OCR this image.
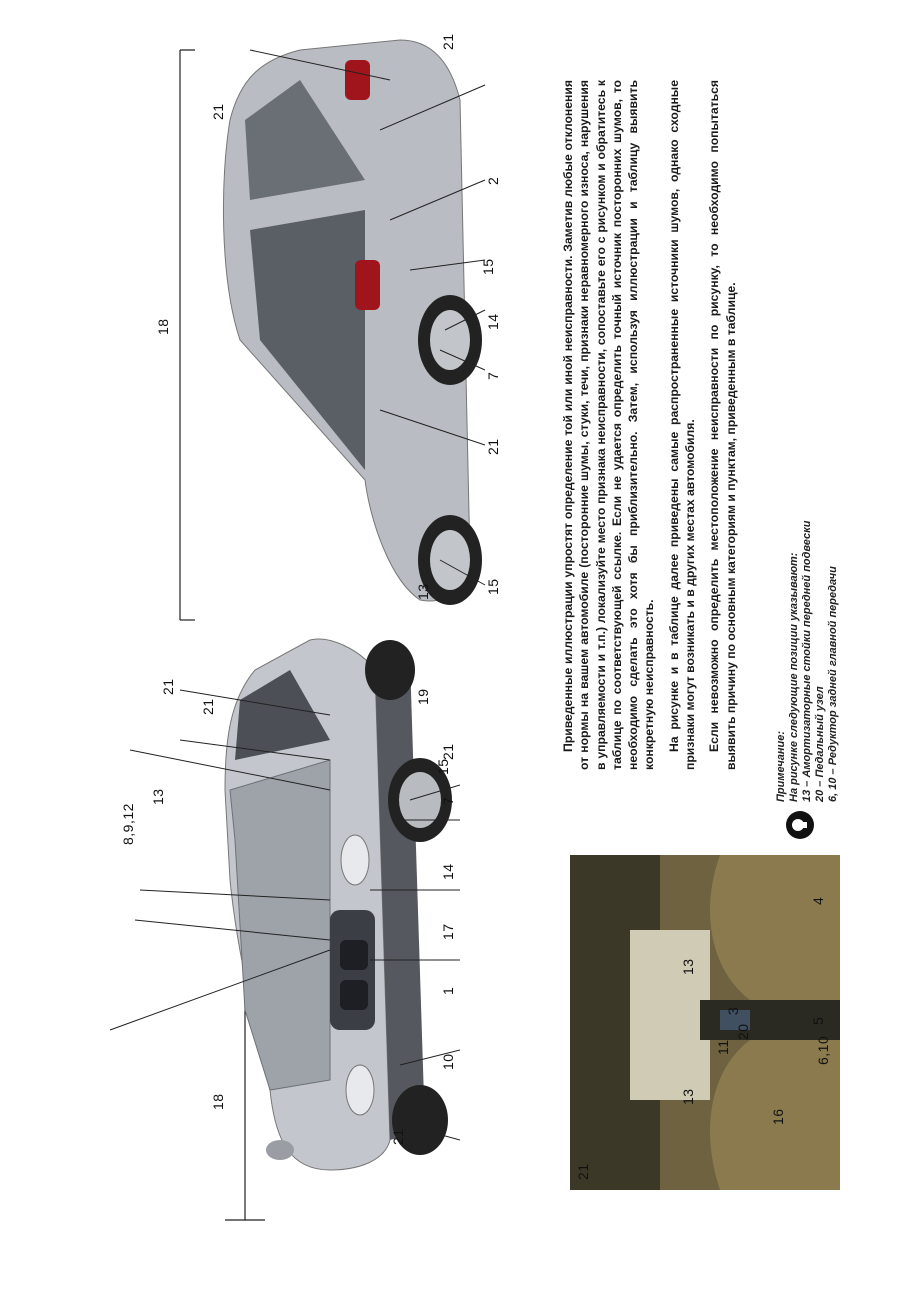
18
21
8,9,12
13
21
19
21
15
7
17
1
10
14
21
21
21
2
18
15
14
7
21
13	15
21
13
16
11
20
3
13
4
5
6,10

Приведенные иллюстрации упростят определение той или иной неисправности. Заметив любые отклонения от нормы на вашем автомобиле (посторонние шумы, стуки, течи, признаки неравномерного износа, нарушения в управляемости и т.п.) локализуйте место признака неисправности, сопоставьте его с рисунком и обратитесь к таблице по соответствующей ссылке. Если не удается определить точный источник посторонних шумов, то необходимо сделать это хотя бы приблизительно. Затем, используя иллюстрации и таблицу выявить конкретную неисправность. На рисунке и в таблице далее приведены самые распространенные источники шумов, однако сходные признаки могут возникать и в других местах автомобиля. Если невозможно определить местоположение неисправности по рисунку, то необходимо попытаться выявить причину по основным категориям и пунктам, приведенным в таблице.	Примечание: На рисунке следующие позиции указывают: 13 – Амортизаторные стойки передней подвески 20 – Педальный узел 6, 10 – Редуктор задней главной передачи
